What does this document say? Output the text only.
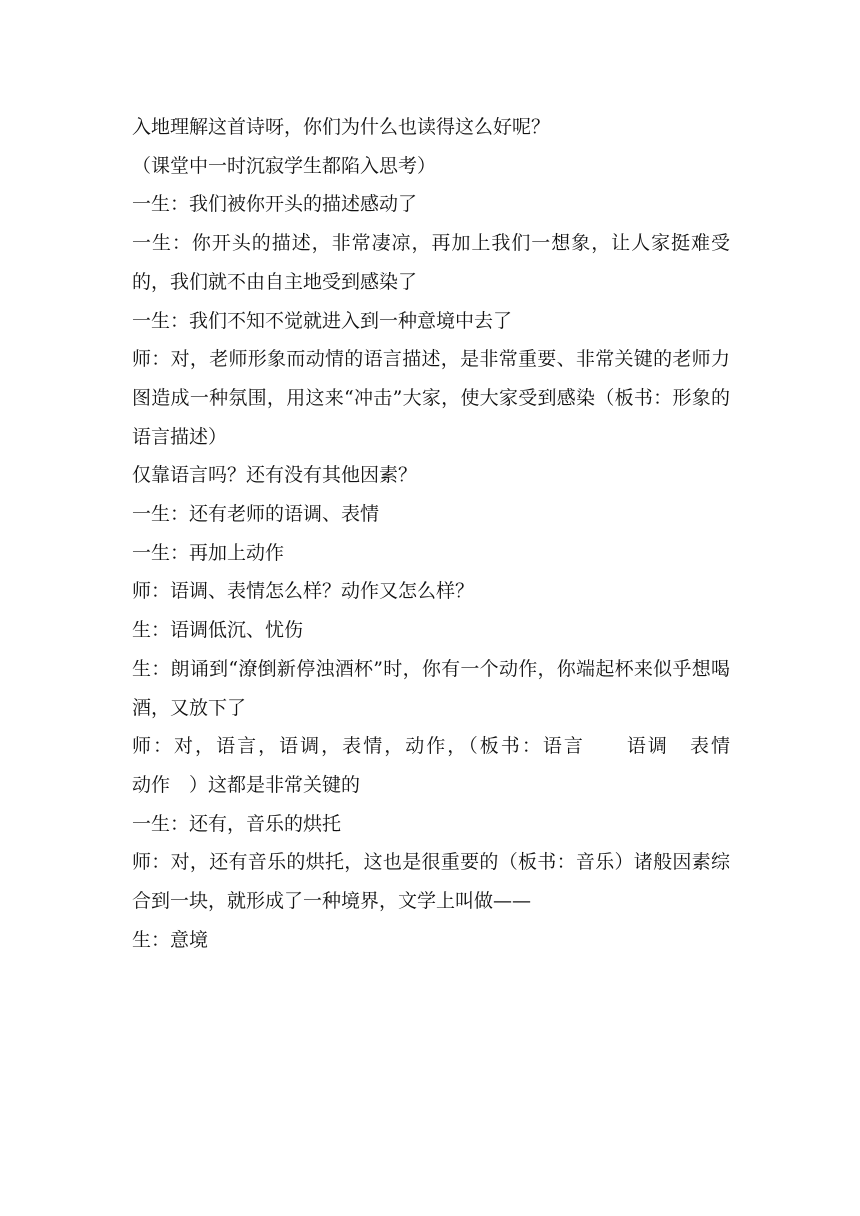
入地理解这首诗呀，你们为什么也读得这么好呢？

（课堂中一时沉寂学生都陷入思考）

一生：我们被你开头的描述感动了

一生：你开头的描述，非常凄凉，再加上我们一想象，让人家挺难受的，我们就不由自主地受到感染了

一生：我们不知不觉就进入到一种意境中去了

师：对，老师形象而动情的语言描述，是非常重要、非常关键的老师力图造成一种氛围，用这来“冲击”大家，使大家受到感染（板书：形象的语言描述）

仅靠语言吗？还有没有其他因素？

一生：还有老师的语调、表情

一生：再加上动作

师：语调、表情怎么样？动作又怎么样？

生：语调低沉、忧伤

生：朗诵到“潦倒新停浊酒杯”时，你有一个动作，你端起杯来似乎想喝酒，又放下了

师：对，语言，语调，表情，动作，（板书：语言　　语调　表情　　动作　）这都是非常关键的

一生：还有，音乐的烘托

师：对，还有音乐的烘托，这也是很重要的（板书：音乐）诸般因素综合到一块，就形成了一种境界，文学上叫做——

生：意境
